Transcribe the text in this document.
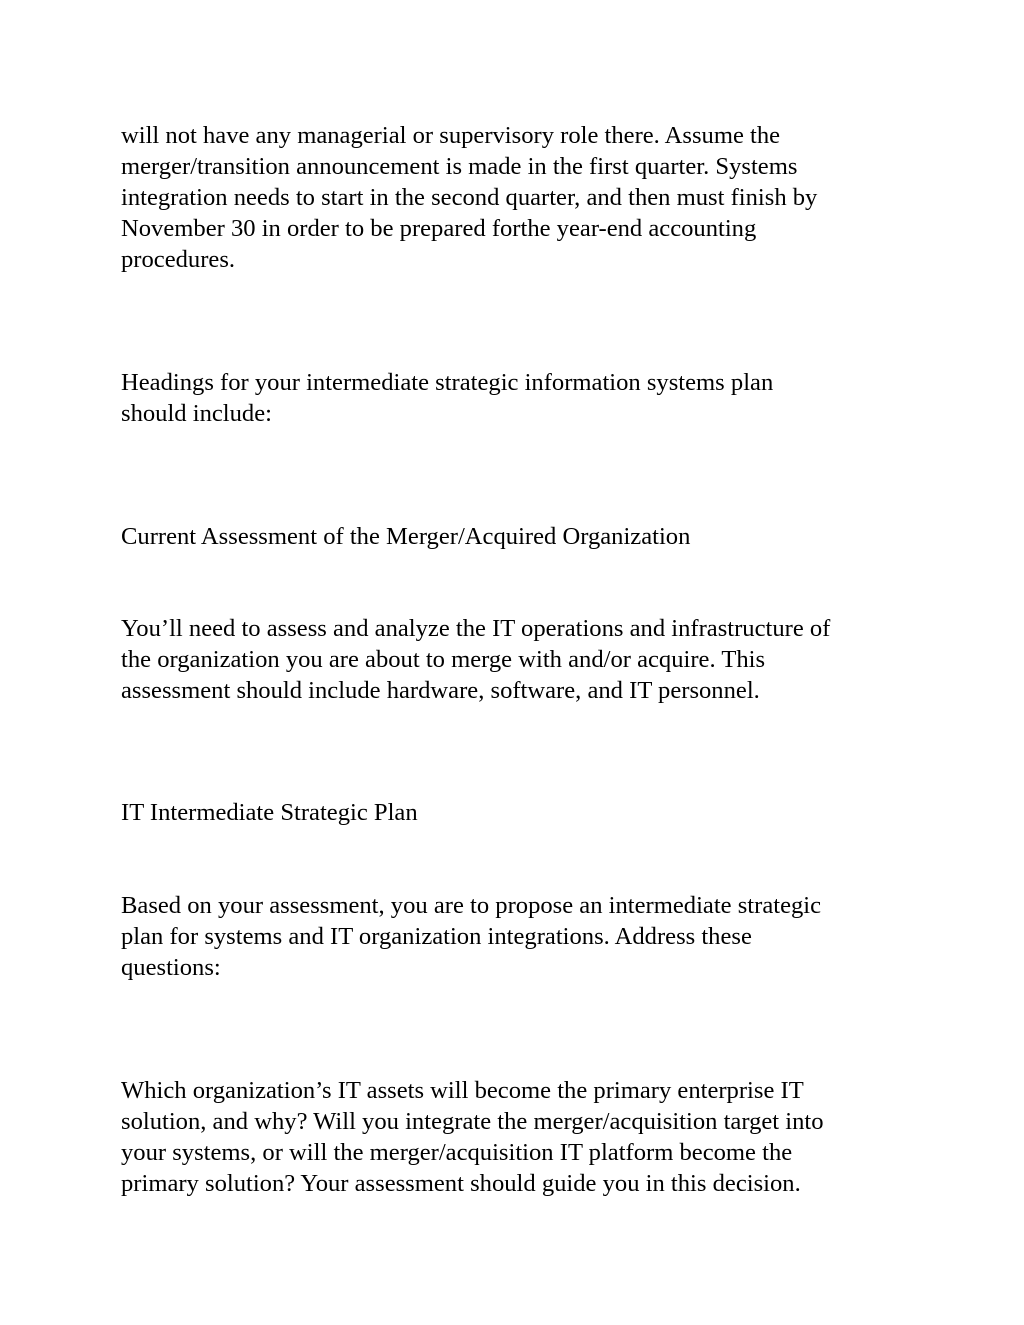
will not have any managerial or supervisory role there. Assume the

merger/transition announcement is made in the first quarter. Systems

integration needs to start in the second quarter, and then must finish by

November 30 in order to be prepared forthe year-end accounting

procedures.

Headings for your intermediate strategic information systems plan

should include:

Current Assessment of the Merger/Acquired Organization

You’ll need to assess and analyze the IT operations and infrastructure of

the organization you are about to merge with and/or acquire. This

assessment should include hardware, software, and IT personnel.

IT Intermediate Strategic Plan

Based on your assessment, you are to propose an intermediate strategic

plan for systems and IT organization integrations. Address these

questions:

Which organization’s IT assets will become the primary enterprise IT

solution, and why? Will you integrate the merger/acquisition target into

your systems, or will the merger/acquisition IT platform become the

primary solution? Your assessment should guide you in this decision.
